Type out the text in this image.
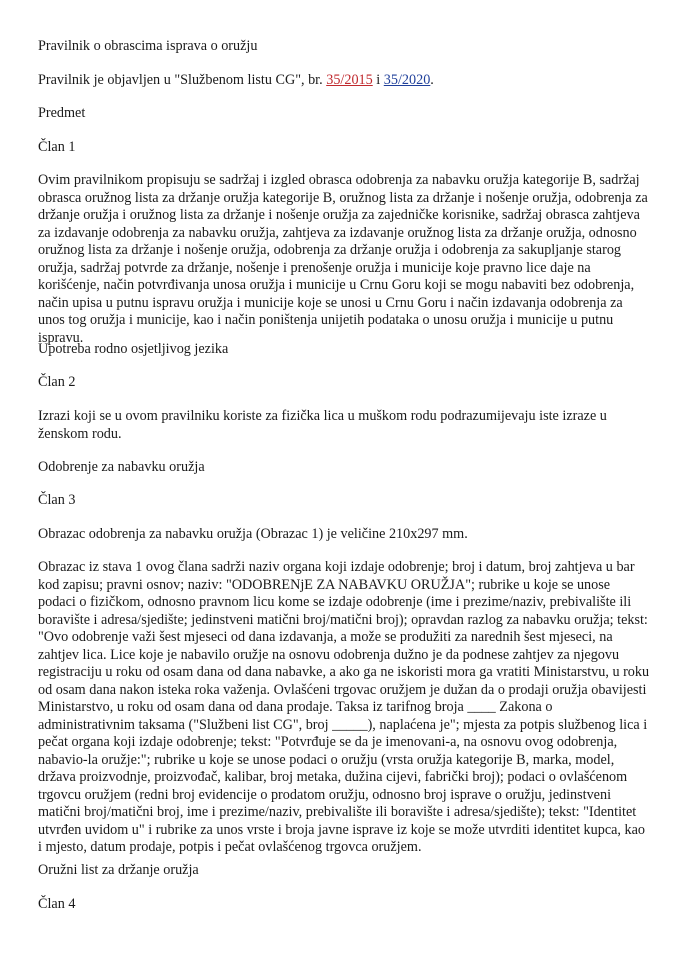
Pravilnik o obrascima isprava o oružju

Pravilnik je objavljen u "Službenom listu CG", br. 35/2015 i 35/2020.

Predmet

Član 1

Ovim pravilnikom propisuju se sadržaj i izgled obrasca odobrenja za nabavku oružja kategorije B, sadržaj obrasca oružnog lista za držanje oružja kategorije B, oružnog lista za držanje i nošenje oružja, odobrenja za držanje oružja i oružnog lista za držanje i nošenje oružja za zajedničke korisnike, sadržaj obrasca zahtjeva za izdavanje odobrenja za nabavku oružja, zahtjeva za izdavanje oružnog lista za držanje oružja, odnosno oružnog lista za držanje i nošenje oružja, odobrenja za držanje oružja i odobrenja za sakupljanje starog oružja, sadržaj potvrde za držanje, nošenje i prenošenje oružja i municije koje pravno lice daje na korišćenje, način potvrđivanja unosa oružja i municije u Crnu Goru koji se mogu nabaviti bez odobrenja, način upisa u putnu ispravu oružja i municije koje se unosi u Crnu Goru i način izdavanja odobrenja za unos tog oružja i municije, kao i način poništenja unijetih podataka o unosu oružja i municije u putnu ispravu.

Upotreba rodno osjetljivog jezika

Član 2

Izrazi koji se u ovom pravilniku koriste za fizička lica u muškom rodu podrazumijevaju iste izraze u ženskom rodu.

Odobrenje za nabavku oružja

Član 3

Obrazac odobrenja za nabavku oružja (Obrazac 1) je veličine 210x297 mm.

Obrazac iz stava 1 ovog člana sadrži naziv organa koji izdaje odobrenje; broj i datum, broj zahtjeva u bar kod zapisu; pravni osnov; naziv: "ODOBRENjE ZA NABAVKU ORUŽJA"; rubrike u koje se unose podaci o fizičkom, odnosno pravnom licu kome se izdaje odobrenje (ime i prezime/naziv, prebivalište ili boravište i adresa/sjedište; jedinstveni matični broj/matični broj); opravdan razlog za nabavku oružja; tekst: "Ovo odobrenje važi šest mjeseci od dana izdavanja, a može se produžiti za narednih šest mjeseci, na zahtjev lica. Lice koje je nabavilo oružje na osnovu odobrenja dužno je da podnese zahtjev za njegovu registraciju u roku od osam dana od dana nabavke, a ako ga ne iskoristi mora ga vratiti Ministarstvu, u roku od osam dana nakon isteka roka važenja. Ovlašćeni trgovac oružjem je dužan da o prodaji oružja obavijesti Ministarstvo, u roku od osam dana od dana prodaje. Taksa iz tarifnog broja ____ Zakona o administrativnim taksama ("Službeni list CG", broj _____), naplaćena je"; mjesta za potpis službenog lica i pečat organa koji izdaje odobrenje; tekst: "Potvrđuje se da je imenovani-a, na osnovu ovog odobrenja, nabavio-la oružje:"; rubrike u koje se unose podaci o oružju (vrsta oružja kategorije B, marka, model, država proizvodnje, proizvođač, kalibar, broj metaka, dužina cijevi, fabrički broj); podaci o ovlašćenom trgovcu oružjem (redni broj evidencije o prodatom oružju, odnosno broj isprave o oružju, jedinstveni matični broj/matični broj, ime i prezime/naziv, prebivalište ili boravište i adresa/sjedište); tekst: "Identitet utvrđen uvidom u" i rubrike za unos vrste i broja javne isprave iz koje se može utvrditi identitet kupca, kao i mjesto, datum prodaje, potpis i pečat ovlašćenog trgovca oružjem.

Oružni list za držanje oružja

Član 4
